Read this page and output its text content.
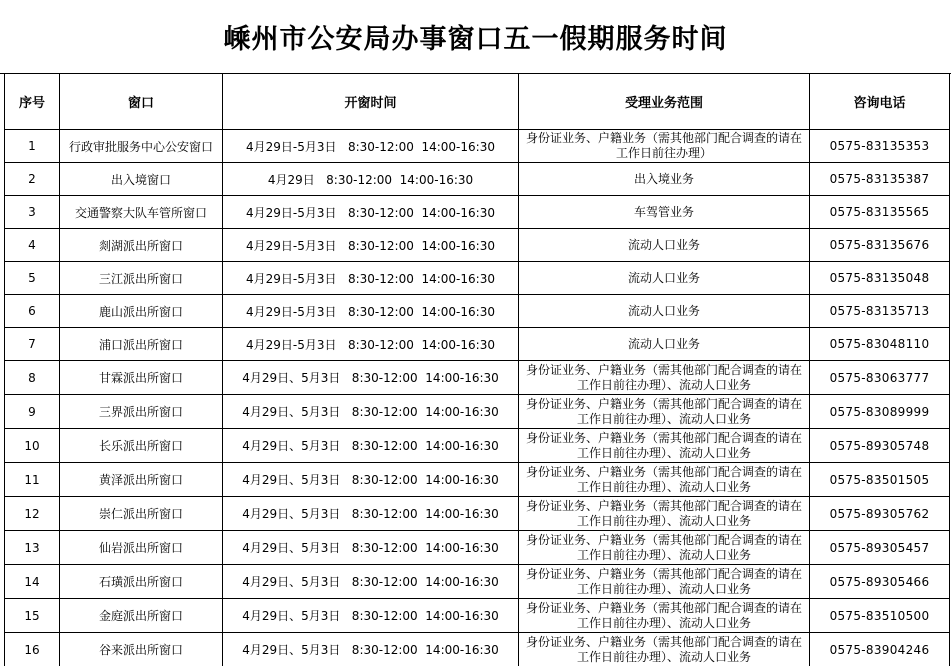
嵊州市公安局办事窗口五一假期服务时间
序号	窗口	开窗时间	受理业务范围	咨询电话
1	行政审批服务中心公安窗口	4月29日-5月3日   8:30-12:00  14:00-16:30	身份证业务、户籍业务（需其他部门配合调查的请在工作日前往办理）	0575-83135353
2	出入境窗口	4月29日   8:30-12:00  14:00-16:30	出入境业务	0575-83135387
3	交通警察大队车管所窗口	4月29日-5月3日   8:30-12:00  14:00-16:30	车驾管业务	0575-83135565
4	剡湖派出所窗口	4月29日-5月3日   8:30-12:00  14:00-16:30	流动人口业务	0575-83135676
5	三江派出所窗口	4月29日-5月3日   8:30-12:00  14:00-16:30	流动人口业务	0575-83135048
6	鹿山派出所窗口	4月29日-5月3日   8:30-12:00  14:00-16:30	流动人口业务	0575-83135713
7	浦口派出所窗口	4月29日-5月3日   8:30-12:00  14:00-16:30	流动人口业务	0575-83048110
8	甘霖派出所窗口	4月29日、5月3日   8:30-12:00  14:00-16:30	身份证业务、户籍业务（需其他部门配合调查的请在工作日前往办理）、流动人口业务	0575-83063777
9	三界派出所窗口	4月29日、5月3日   8:30-12:00  14:00-16:30	身份证业务、户籍业务（需其他部门配合调查的请在工作日前往办理）、流动人口业务	0575-83089999
10	长乐派出所窗口	4月29日、5月3日   8:30-12:00  14:00-16:30	身份证业务、户籍业务（需其他部门配合调查的请在工作日前往办理）、流动人口业务	0575-89305748
11	黄泽派出所窗口	4月29日、5月3日   8:30-12:00  14:00-16:30	身份证业务、户籍业务（需其他部门配合调查的请在工作日前往办理）、流动人口业务	0575-83501505
12	崇仁派出所窗口	4月29日、5月3日   8:30-12:00  14:00-16:30	身份证业务、户籍业务（需其他部门配合调查的请在工作日前往办理）、流动人口业务	0575-89305762
13	仙岩派出所窗口	4月29日、5月3日   8:30-12:00  14:00-16:30	身份证业务、户籍业务（需其他部门配合调查的请在工作日前往办理）、流动人口业务	0575-89305457
14	石璜派出所窗口	4月29日、5月3日   8:30-12:00  14:00-16:30	身份证业务、户籍业务（需其他部门配合调查的请在工作日前往办理）、流动人口业务	0575-89305466
15	金庭派出所窗口	4月29日、5月3日   8:30-12:00  14:00-16:30	身份证业务、户籍业务（需其他部门配合调查的请在工作日前往办理）、流动人口业务	0575-83510500
16	谷来派出所窗口	4月29日、5月3日   8:30-12:00  14:00-16:30	身份证业务、户籍业务（需其他部门配合调查的请在工作日前往办理）、流动人口业务	0575-83904246
